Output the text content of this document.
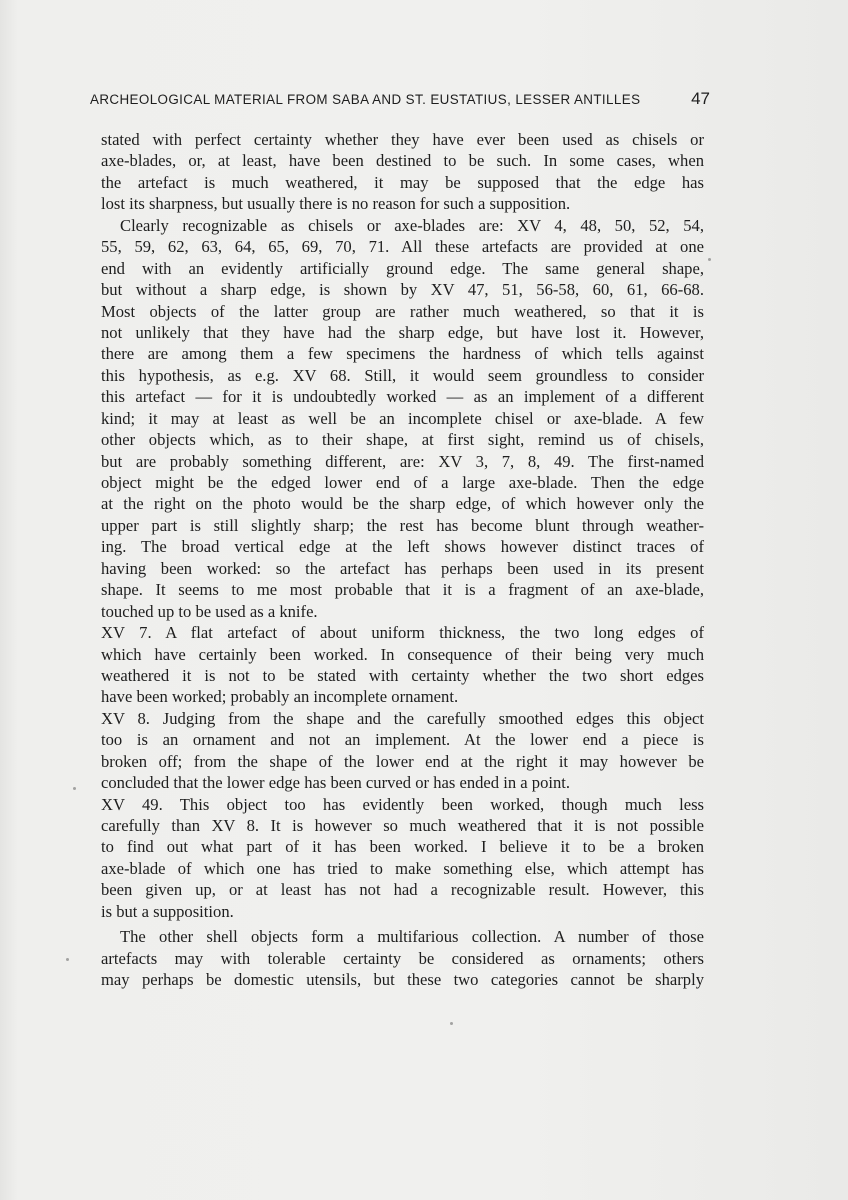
ARCHEOLOGICAL MATERIAL FROM SABA AND ST. EUSTATIUS, LESSER ANTILLES	47
stated with perfect certainty whether they have ever been used as chisels or
axe-blades, or, at least, have been destined to be such. In some cases, when
the artefact is much weathered, it may be supposed that the edge has
lost its sharpness, but usually there is no reason for such a supposition.
Clearly recognizable as chisels or axe-blades are: XV 4, 48, 50, 52, 54,
55, 59, 62, 63, 64, 65, 69, 70, 71. All these artefacts are provided at one
end with an evidently artificially ground edge. The same general shape,
but without a sharp edge, is shown by XV 47, 51, 56-58, 60, 61, 66-68.
Most objects of the latter group are rather much weathered, so that it is
not unlikely that they have had the sharp edge, but have lost it. However,
there are among them a few specimens the hardness of which tells against
this hypothesis, as e.g. XV 68. Still, it would seem groundless to consider
this artefact — for it is undoubtedly worked — as an implement of a different
kind; it may at least as well be an incomplete chisel or axe-blade. A few
other objects which, as to their shape, at first sight, remind us of chisels,
but are probably something different, are: XV 3, 7, 8, 49. The first-named
object might be the edged lower end of a large axe-blade. Then the edge
at the right on the photo would be the sharp edge, of which however only the
upper part is still slightly sharp; the rest has become blunt through weather-
ing. The broad vertical edge at the left shows however distinct traces of
having been worked: so the artefact has perhaps been used in its present
shape. It seems to me most probable that it is a fragment of an axe-blade,
touched up to be used as a knife.
XV 7. A flat artefact of about uniform thickness, the two long edges of
which have certainly been worked. In consequence of their being very much
weathered it is not to be stated with certainty whether the two short edges
have been worked; probably an incomplete ornament.
XV 8. Judging from the shape and the carefully smoothed edges this object
too is an ornament and not an implement. At the lower end a piece is
broken off; from the shape of the lower end at the right it may however be
concluded that the lower edge has been curved or has ended in a point.
XV 49. This object too has evidently been worked, though much less
carefully than XV 8. It is however so much weathered that it is not possible
to find out what part of it has been worked. I believe it to be a broken
axe-blade of which one has tried to make something else, which attempt has
been given up, or at least has not had a recognizable result. However, this
is but a supposition.
The other shell objects form a multifarious collection. A number of those
artefacts may with tolerable certainty be considered as ornaments; others
may perhaps be domestic utensils, but these two categories cannot be sharply
